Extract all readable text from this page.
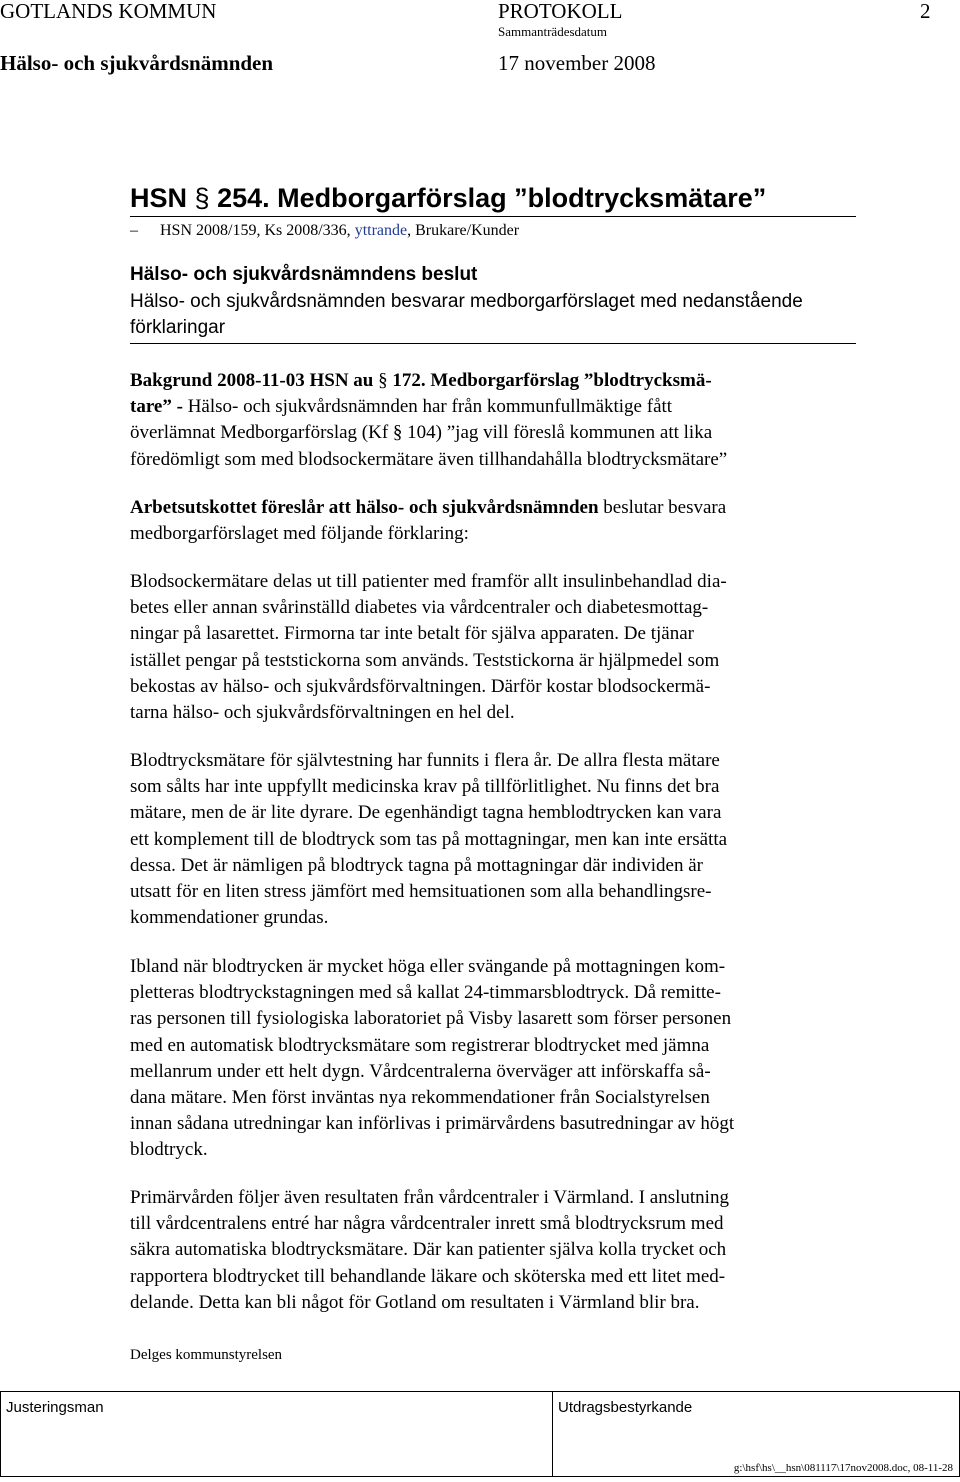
GOTLANDS KOMMUN	PROTOKOLL	2
Sammanträdesdatum
Hälso- och sjukvårdsnämnden	17 november 2008
HSN § 254. Medborgarförslag ”blodtrycksmätare”
– HSN 2008/159, Ks 2008/336, yttrande, Brukare/Kunder
Hälso- och sjukvårdsnämndens beslut
Hälso- och sjukvårdsnämnden besvarar medborgarförslaget med nedanstående
förklaringar
Bakgrund 2008-11-03 HSN au § 172. Medborgarförslag ”blodtrycksmä-
tare” - Hälso- och sjukvårdsnämnden har från kommunfullmäktige fått
överlämnat Medborgarförslag (Kf § 104) ”jag vill föreslå kommunen att lika
föredömligt som med blodsockermätare även tillhandahålla blodtrycksmätare”
Arbetsutskottet föreslår att hälso- och sjukvårdsnämnden beslutar besvara
medborgarförslaget med följande förklaring:
Blodsockermätare delas ut till patienter med framför allt insulinbehandlad dia-
betes eller annan svårinställd diabetes via vårdcentraler och diabetesmottag-
ningar på lasarettet. Firmorna tar inte betalt för själva apparaten. De tjänar
istället pengar på teststickorna som används. Teststickorna är hjälpmedel som
bekostas av hälso- och sjukvårdsförvaltningen. Därför kostar blodsockermä-
tarna hälso- och sjukvårdsförvaltningen en hel del.
Blodtrycksmätare för självtestning har funnits i flera år. De allra flesta mätare
som sålts har inte uppfyllt medicinska krav på tillförlitlighet. Nu finns det bra
mätare, men de är lite dyrare. De egenhändigt tagna hemblodtrycken kan vara
ett komplement till de blodtryck som tas på mottagningar, men kan inte ersätta
dessa. Det är nämligen på blodtryck tagna på mottagningar där individen är
utsatt för en liten stress jämfört med hemsituationen som alla behandlingsre-
kommendationer grundas.
Ibland när blodtrycken är mycket höga eller svängande på mottagningen kom-
pletteras blodtryckstagningen med så kallat 24-timmarsblodtryck. Då remitte-
ras personen till fysiologiska laboratoriet på Visby lasarett som förser personen
med en automatisk blodtrycksmätare som registrerar blodtrycket med jämna
mellanrum under ett helt dygn. Vårdcentralerna överväger att införskaffa så-
dana mätare. Men först inväntas nya rekommendationer från Socialstyrelsen
innan sådana utredningar kan införlivas i primärvårdens basutredningar av högt
blodtryck.
Primärvården följer även resultaten från vårdcentraler i Värmland. I anslutning
till vårdcentralens entré har några vårdcentraler inrett små blodtrycksrum med
säkra automatiska blodtrycksmätare. Där kan patienter själva kolla trycket och
rapportera blodtrycket till behandlande läkare och sköterska med ett litet med-
delande. Detta kan bli något för Gotland om resultaten i Värmland blir bra.
Delges kommunstyrelsen
Justeringsman	Utdragsbestyrkande
g:\hsf\hs\__hsn\081117\17nov2008.doc, 08-11-28
